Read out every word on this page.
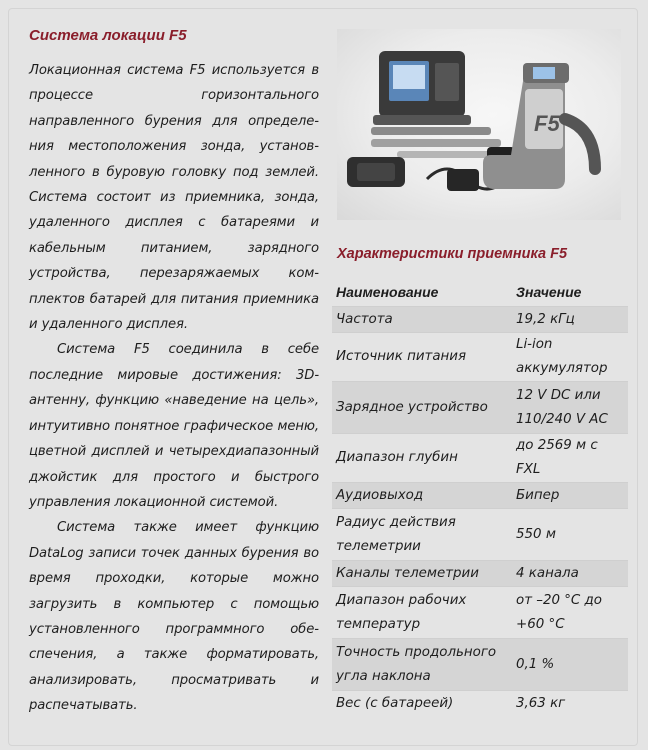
Система локации F5

Локационная система F5 используется в процессе горизонтального направленного бурения для определения местоположения зонда, установленного в буровую головку под землей. Система состоит из приемника, зонда, удаленного дисплея с батареями и кабельным питанием, зарядного устройства, перезаряжаемых комплектов батарей для питания приемника и удаленного дисплея.

Система F5 соединила в себе последние мировые достижения: 3D-антенну, функцию «наведение на цель», интуитивно понятное графическое меню, цветной дисплей и четырехдиапазонный джойстик для простого и быстрого управления локационной системой.

Система также имеет функцию DataLog записи точек данных бурения во время проходки, которые можно загрузить в компьютер с помощью установленного программного обеспечения, а также форматировать, анализировать, просматривать и распечатывать.

F5
Характеристики приемника F5
Наименование	Значение
Частота	19,2 кГц
Источник питания	Li-ion аккумулятор
Зарядное устройство	12 V DC или 110/240 V AC
Диапазон глубин	до 2569 м с FXL
Аудиовыход	Бипер
Радиус действия телеметрии	550 м
Каналы телеметрии	4 канала
Диапазон рабочих температур	от –20 °С до +60 °С
Точность продольного угла наклона	0,1 %
Вес (с батареей)	3,63 кг
